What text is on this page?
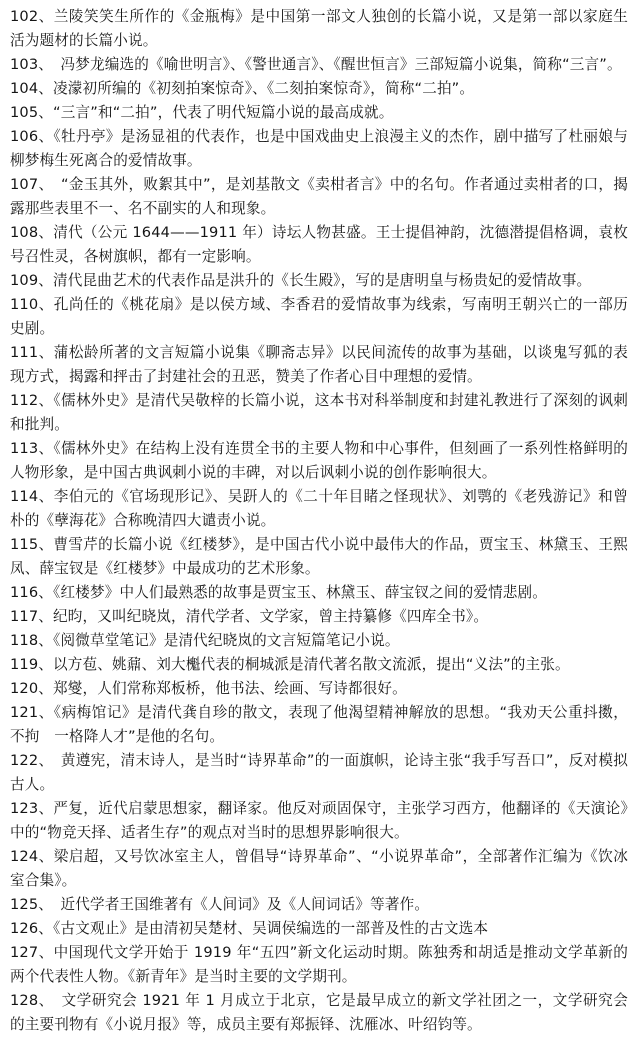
102、兰陵笑笑生所作的《金瓶梅》是中国第一部文人独创的长篇小说，又是第一部以家庭生活为题材的长篇小说。

103、　冯梦龙编选的《喻世明言》、《警世通言》、《醒世恒言》三部短篇小说集，简称“三言”。

104、凌濛初所编的《初刻拍案惊奇》、《二刻拍案惊奇》，简称“二拍”。

105、“三言”和“二拍”，代表了明代短篇小说的最高成就。

106、《牡丹亭》是汤显祖的代表作，也是中国戏曲史上浪漫主义的杰作，剧中描写了杜丽娘与柳梦梅生死离合的爱情故事。

107、　“金玉其外，败絮其中”，是刘基散文《卖柑者言》中的名句。作者通过卖柑者的口，揭露那些表里不一、名不副实的人和现象。

108、清代（公元 1644——1911 年）诗坛人物甚盛。王士提倡神韵，沈德潜提倡格调，袁枚号召性灵，各树旗帜，都有一定影响。

109、清代昆曲艺术的代表作品是洪升的《长生殿》，写的是唐明皇与杨贵妃的爱情故事。

110、孔尚任的《桃花扇》是以侯方域、李香君的爱情故事为线索，写南明王朝兴亡的一部历史剧。

111、蒲松龄所著的文言短篇小说集《聊斋志异》以民间流传的故事为基础，以谈鬼写狐的表现方式，揭露和抨击了封建社会的丑恶，赞美了作者心目中理想的爱情。

112、《儒林外史》是清代吴敬梓的长篇小说，这本书对科举制度和封建礼教进行了深刻的讽刺和批判。

113、《儒林外史》在结构上没有连贯全书的主要人物和中心事件，但刻画了一系列性格鲜明的人物形象，是中国古典讽刺小说的丰碑，对以后讽刺小说的创作影响很大。

114、李伯元的《官场现形记》、吴趼人的《二十年目睹之怪现状》、刘鹗的《老残游记》和曾朴的《孽海花》合称晚清四大谴责小说。

115、曹雪芹的长篇小说《红楼梦》，是中国古代小说中最伟大的作品，贾宝玉、林黛玉、王熙凤、薛宝钗是《红楼梦》中最成功的艺术形象。

116、《红楼梦》中人们最熟悉的故事是贾宝玉、林黛玉、薛宝钗之间的爱情悲剧。

117、纪昀，又叫纪晓岚，清代学者、文学家，曾主持纂修《四库全书》。

118、《阅微草堂笔记》是清代纪晓岚的文言短篇笔记小说。

119、以方苞、姚鼐、刘大櫆代表的桐城派是清代著名散文流派，提出“义法”的主张。

120、郑燮，人们常称郑板桥，他书法、绘画、写诗都很好。

121、《病梅馆记》是清代龚自珍的散文，表现了他渴望精神解放的思想。“我劝天公重抖擞，不拘　一格降人才”是他的名句。

122、　黄遵宪，清末诗人，是当时“诗界革命”的一面旗帜，论诗主张“我手写吾口”，反对模拟古人。

123、严复，近代启蒙思想家，翻译家。他反对顽固保守，主张学习西方，他翻译的《天演论》中的“物竞天择、适者生存”的观点对当时的思想界影响很大。

124、梁启超，又号饮冰室主人，曾倡导“诗界革命”、“小说界革命”，全部著作汇编为《饮冰室合集》。

125、　近代学者王国维著有《人间词》及《人间词话》等著作。

126、《古文观止》是由清初吴楚材、吴调侯编选的一部普及性的古文选本

127、中国现代文学开始于 1919 年“五四”新文化运动时期。陈独秀和胡适是推动文学革新的两个代表性人物。《新青年》是当时主要的文学期刊。

128、　文学研究会 1921 年 1 月成立于北京，它是最早成立的新文学社团之一，文学研究会的主要刊物有《小说月报》等，成员主要有郑振铎、沈雁冰、叶绍钧等。
